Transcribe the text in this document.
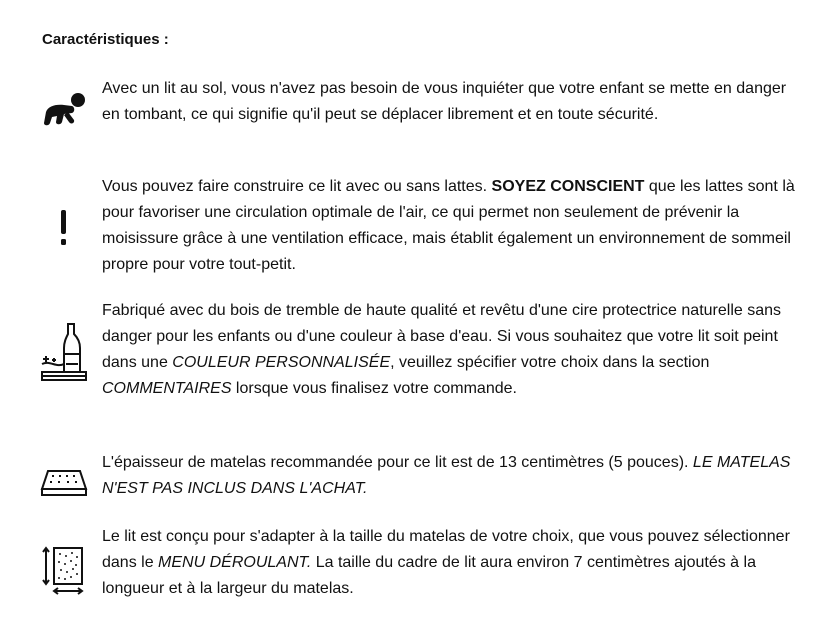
Caractéristiques :

Avec un lit au sol, vous n'avez pas besoin de vous inquiéter que votre enfant se mette en danger en tombant, ce qui signifie qu'il peut se déplacer librement et en toute sécurité.

Vous pouvez faire construire ce lit avec ou sans lattes. SOYEZ CONSCIENT que les lattes sont là pour favoriser une circulation optimale de l'air, ce qui permet non seulement de prévenir la moisissure grâce à une ventilation efficace, mais établit également un environnement de sommeil propre pour votre tout-petit.

Fabriqué avec du bois de tremble de haute qualité et revêtu d'une cire protectrice naturelle sans danger pour les enfants ou d'une couleur à base d'eau. Si vous souhaitez que votre lit soit peint dans une COULEUR PERSONNALISÉE, veuillez spécifier votre choix dans la section COMMENTAIRES lorsque vous finalisez votre commande.

L'épaisseur de matelas recommandée pour ce lit est de 13 centimètres (5 pouces). LE MATELAS N'EST PAS INCLUS DANS L'ACHAT.

Le lit est conçu pour s'adapter à la taille du matelas de votre choix, que vous pouvez sélectionner dans le MENU DÉROULANT. La taille du cadre de lit aura environ 7 centimètres ajoutés à la longueur et à la largeur du matelas.
